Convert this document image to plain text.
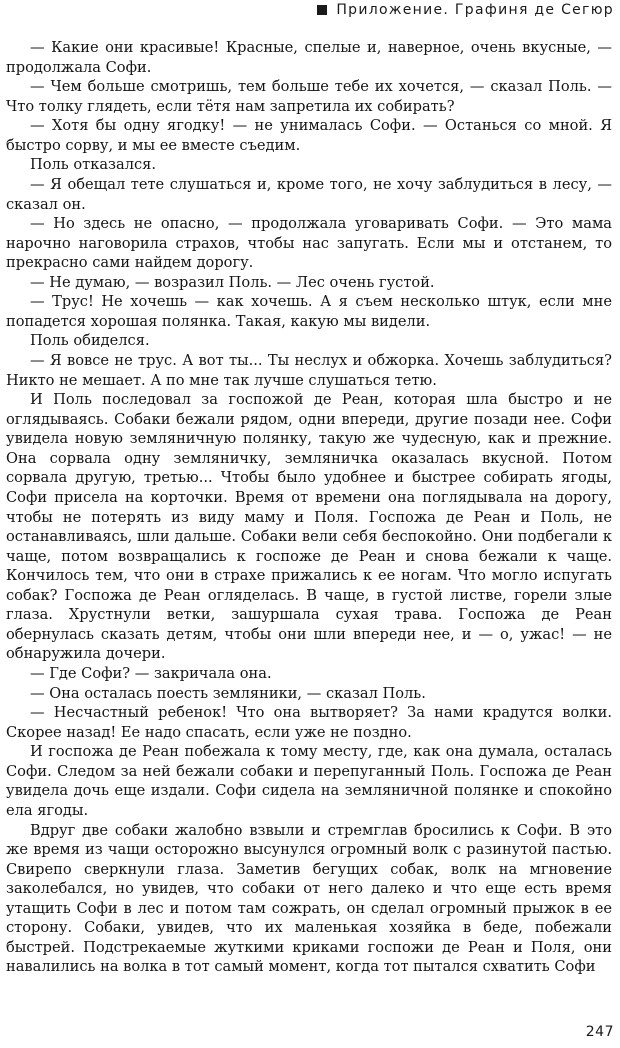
Приложение. Графиня де Сегюр

— Какие они красивые! Красные, спелые и, наверное, очень вкусные, — продолжала Софи.

— Чем больше смотришь, тем больше тебе их хочется, — сказал Поль. — Что толку глядеть, если тётя нам запретила их собирать?

— Хотя бы одну ягодку! — не унималась Софи. — Останься со мной. Я быстро сорву, и мы ее вместе съедим.

Поль отказался.

— Я обещал тете слушаться и, кроме того, не хочу заблудиться в лесу, — сказал он.

— Но здесь не опасно, — продолжала уговаривать Софи. — Это мама нарочно наговорила страхов, чтобы нас запугать. Если мы и отстанем, то прекрасно сами найдем дорогу.

— Не думаю, — возразил Поль. — Лес очень густой.

— Трус! Не хочешь — как хочешь. А я съем несколько штук, если мне попадется хорошая полянка. Такая, какую мы видели.

Поль обиделся.

— Я вовсе не трус. А вот ты... Ты неслух и обжорка. Хочешь заблудиться? Никто не мешает. А по мне так лучше слушаться тетю.

И Поль последовал за госпожой де Реан, которая шла быстро и не оглядываясь. Собаки бежали рядом, одни впереди, другие позади нее. Софи увидела новую земляничную полянку, такую же чудесную, как и прежние. Она сорвала одну земляничку, земляничка оказалась вкусной. Потом сорвала другую, третью... Чтобы было удобнее и быстрее собирать ягоды, Софи присела на корточки. Время от времени она поглядывала на дорогу, чтобы не потерять из виду маму и Поля. Госпожа де Реан и Поль, не останавливаясь, шли дальше. Собаки вели себя беспокойно. Они подбегали к чаще, потом возвращались к госпоже де Реан и снова бежали к чаще. Кончилось тем, что они в страхе прижались к ее ногам. Что могло испугать собак? Госпожа де Реан огляделась. В чаще, в густой листве, горели злые глаза. Хрустнули ветки, зашуршала сухая трава. Госпожа де Реан обернулась сказать детям, чтобы они шли впереди нее, и — о, ужас! — не обнаружила дочери.

— Где Софи? — закричала она.

— Она осталась поесть земляники, — сказал Поль.

— Несчастный ребенок! Что она вытворяет? За нами крадутся волки. Скорее назад! Ее надо спасать, если уже не поздно.

И госпожа де Реан побежала к тому месту, где, как она думала, осталась Софи. Следом за ней бежали собаки и перепуганный Поль. Госпожа де Реан увидела дочь еще издали. Софи сидела на земляничной полянке и спокойно ела ягоды.

Вдруг две собаки жалобно взвыли и стремглав бросились к Софи. В это же время из чащи осторожно высунулся огромный волк с разинутой пастью. Свирепо сверкнули глаза. Заметив бегущих собак, волк на мгновение заколебался, но увидев, что собаки от него далеко и что еще есть время утащить Софи в лес и потом там сожрать, он сделал огромный прыжок в ее сторону. Собаки, увидев, что их маленькая хозяйка в беде, побежали быстрей. Подстрекаемые жуткими криками госпожи де Реан и Поля, они навалились на волка в тот самый момент, когда тот пытался схватить Софи

247
